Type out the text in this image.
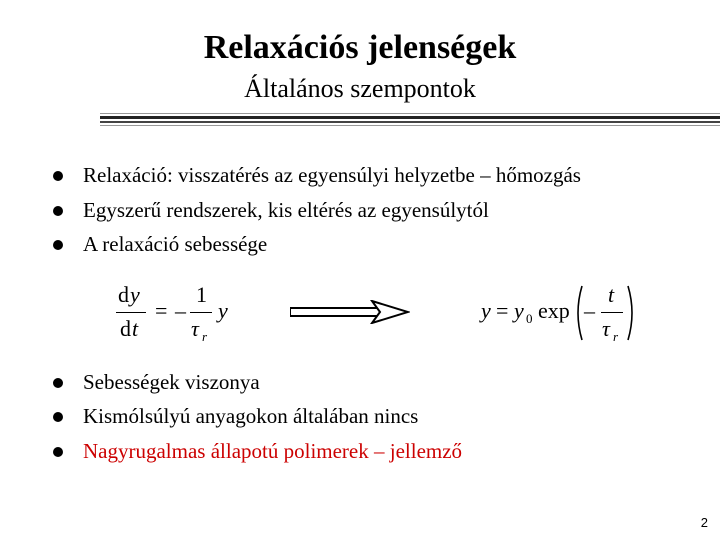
Relaxációs jelenségek
Általános szempontok
Relaxáció: visszatérés az egyensúlyi helyzetbe – hőmozgás
Egyszerű rendszerek, kis eltérés az egyensúlytól
A relaxáció sebessége
d y
d t
= –
1
τ r
y	y = y 0 exp –
t
τ r
Sebességek viszonya
Kismólsúlyú anyagokon általában nincs
Nagyrugalmas állapotú polimerek – jellemző
2
